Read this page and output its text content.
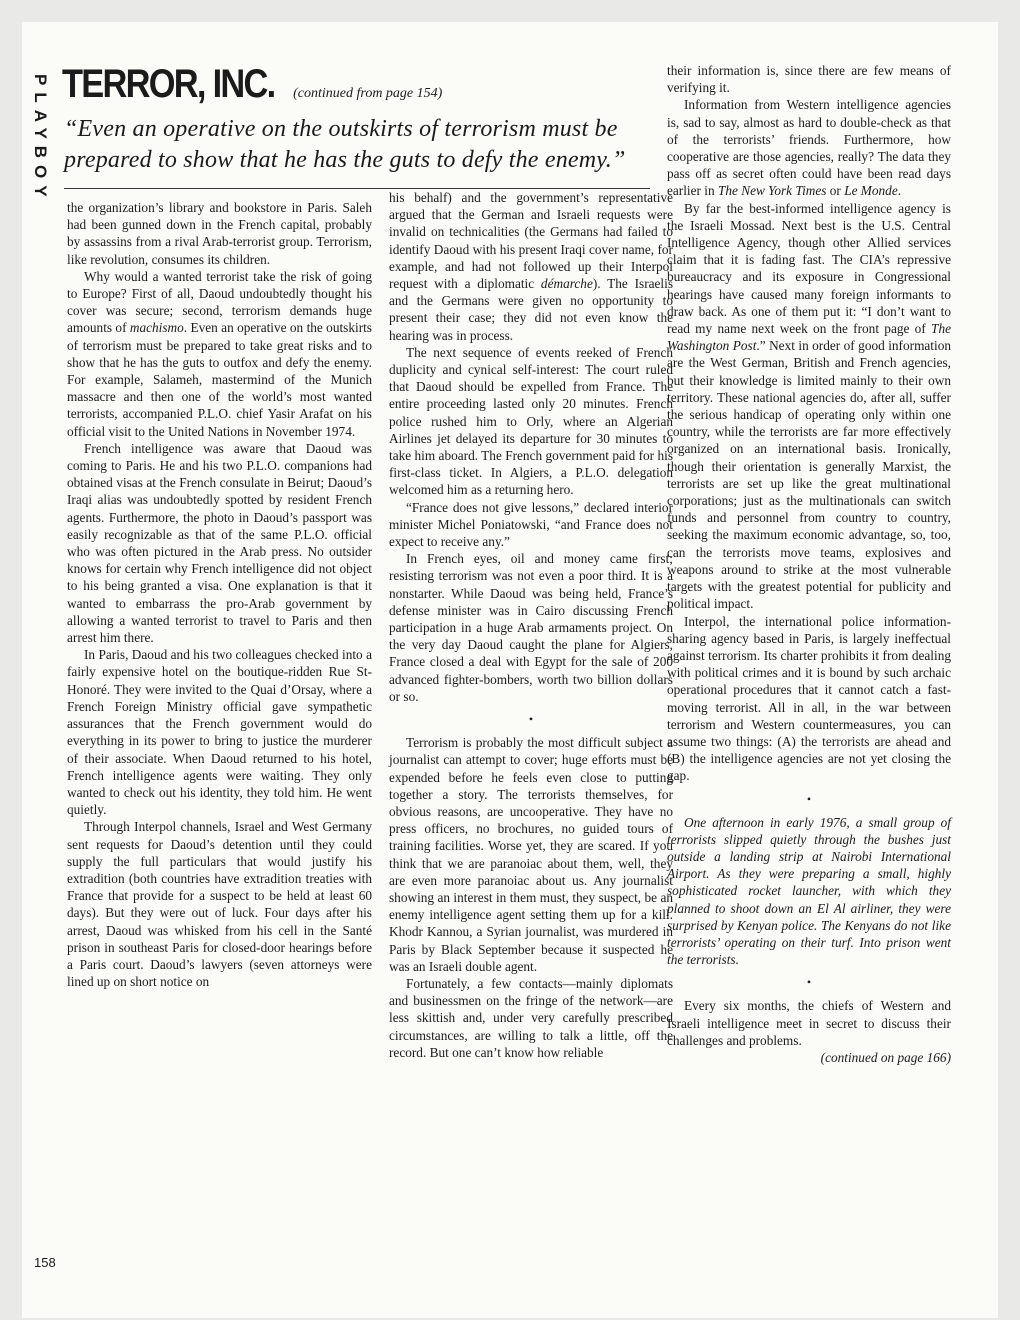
PLAYBOY TERROR, INC. (continued from page 154)
“Even an operative on the outskirts of terrorism must be prepared to show that he has the guts to defy the enemy.”

the organization’s library and bookstore in Paris. Saleh had been gunned down in the French capital, probably by assassins from a rival Arab-terrorist group. Terrorism, like revolution, consumes its children.

Why would a wanted terrorist take the risk of going to Europe? First of all, Daoud undoubtedly thought his cover was secure; second, terrorism demands huge amounts of machismo. Even an operative on the outskirts of terrorism must be prepared to take great risks and to show that he has the guts to outfox and defy the enemy. For example, Salameh, mastermind of the Munich massacre and then one of the world’s most wanted terrorists, accompanied P.L.O. chief Yasir Arafat on his official visit to the United Nations in November 1974.

French intelligence was aware that Daoud was coming to Paris. He and his two P.L.O. companions had obtained visas at the French consulate in Beirut; Daoud’s Iraqi alias was undoubtedly spotted by resident French agents. Furthermore, the photo in Daoud’s passport was easily recognizable as that of the same P.L.O. official who was often pictured in the Arab press. No outsider knows for certain why French intelligence did not object to his being granted a visa. One explanation is that it wanted to embarrass the pro-Arab government by allowing a wanted terrorist to travel to Paris and then arrest him there.

In Paris, Daoud and his two colleagues checked into a fairly expensive hotel on the boutique-ridden Rue St-Honoré. They were invited to the Quai d’Orsay, where a French Foreign Ministry official gave sympathetic assurances that the French government would do everything in its power to bring to justice the murderer of their associate. When Daoud returned to his hotel, French intelligence agents were waiting. They only wanted to check out his identity, they told him. He went quietly.

Through Interpol channels, Israel and West Germany sent requests for Daoud’s detention until they could supply the full particulars that would justify his extradition (both countries have extradition treaties with France that provide for a suspect to be held at least 60 days). But they were out of luck. Four days after his arrest, Daoud was whisked from his cell in the Santé prison in southeast Paris for closed-door hearings before a Paris court. Daoud’s lawyers (seven attorneys were lined up on short notice on

his behalf) and the government’s representative argued that the German and Israeli requests were invalid on technicalities (the Germans had failed to identify Daoud with his present Iraqi cover name, for example, and had not followed up their Interpol request with a diplomatic démarche). The Israelis and the Germans were given no opportunity to present their case; they did not even know the hearing was in process.

The next sequence of events reeked of French duplicity and cynical self-interest: The court ruled that Daoud should be expelled from France. The entire proceeding lasted only 20 minutes. French police rushed him to Orly, where an Algerian Airlines jet delayed its departure for 30 minutes to take him aboard. The French government paid for his first-class ticket. In Algiers, a P.L.O. delegation welcomed him as a returning hero.

“France does not give lessons,” declared interior minister Michel Poniatowski, “and France does not expect to receive any.”

In French eyes, oil and money came first; resisting terrorism was not even a poor third. It is a nonstarter. While Daoud was being held, France’s defense minister was in Cairo discussing French participation in a huge Arab armaments project. On the very day Daoud caught the plane for Algiers, France closed a deal with Egypt for the sale of 200 advanced fighter-bombers, worth two billion dollars or so.

•

Terrorism is probably the most difficult subject a journalist can attempt to cover; huge efforts must be expended before he feels even close to putting together a story. The terrorists themselves, for obvious reasons, are uncooperative. They have no press officers, no brochures, no guided tours of training facilities. Worse yet, they are scared. If you think that we are paranoiac about them, well, they are even more paranoiac about us. Any journalist showing an interest in them must, they suspect, be an enemy intelligence agent setting them up for a kill. Khodr Kannou, a Syrian journalist, was murdered in Paris by Black September because it suspected he was an Israeli double agent.

Fortunately, a few contacts—mainly diplomats and businessmen on the fringe of the network—are less skittish and, under very carefully prescribed circumstances, are willing to talk a little, off the record. But one can’t know how reliable

their information is, since there are few means of verifying it.

Information from Western intelligence agencies is, sad to say, almost as hard to double-check as that of the terrorists’ friends. Furthermore, how cooperative are those agencies, really? The data they pass off as secret often could have been read days earlier in The New York Times or Le Monde.

By far the best-informed intelligence agency is the Israeli Mossad. Next best is the U.S. Central Intelligence Agency, though other Allied services claim that it is fading fast. The CIA’s repressive bureaucracy and its exposure in Congressional hearings have caused many foreign informants to draw back. As one of them put it: “I don’t want to read my name next week on the front page of The Washington Post.” Next in order of good information are the West German, British and French agencies, but their knowledge is limited mainly to their own territory. These national agencies do, after all, suffer the serious handicap of operating only within one country, while the terrorists are far more effectively organized on an international basis. Ironically, though their orientation is generally Marxist, the terrorists are set up like the great multinational corporations; just as the multinationals can switch funds and personnel from country to country, seeking the maximum economic advantage, so, too, can the terrorists move teams, explosives and weapons around to strike at the most vulnerable targets with the greatest potential for publicity and political impact.

Interpol, the international police information-sharing agency based in Paris, is largely ineffectual against terrorism. Its charter prohibits it from dealing with political crimes and it is bound by such archaic operational procedures that it cannot catch a fast-moving terrorist. All in all, in the war between terrorism and Western countermeasures, you can assume two things: (A) the terrorists are ahead and (B) the intelligence agencies are not yet closing the gap.

•

One afternoon in early 1976, a small group of terrorists slipped quietly through the bushes just outside a landing strip at Nairobi International Airport. As they were preparing a small, highly sophisticated rocket launcher, with which they planned to shoot down an El Al airliner, they were surprised by Kenyan police. The Kenyans do not like terrorists’ operating on their turf. Into prison went the terrorists.

•

Every six months, the chiefs of Western and Israeli intelligence meet in secret to discuss their challenges and problems.

(continued on page 166)
158
